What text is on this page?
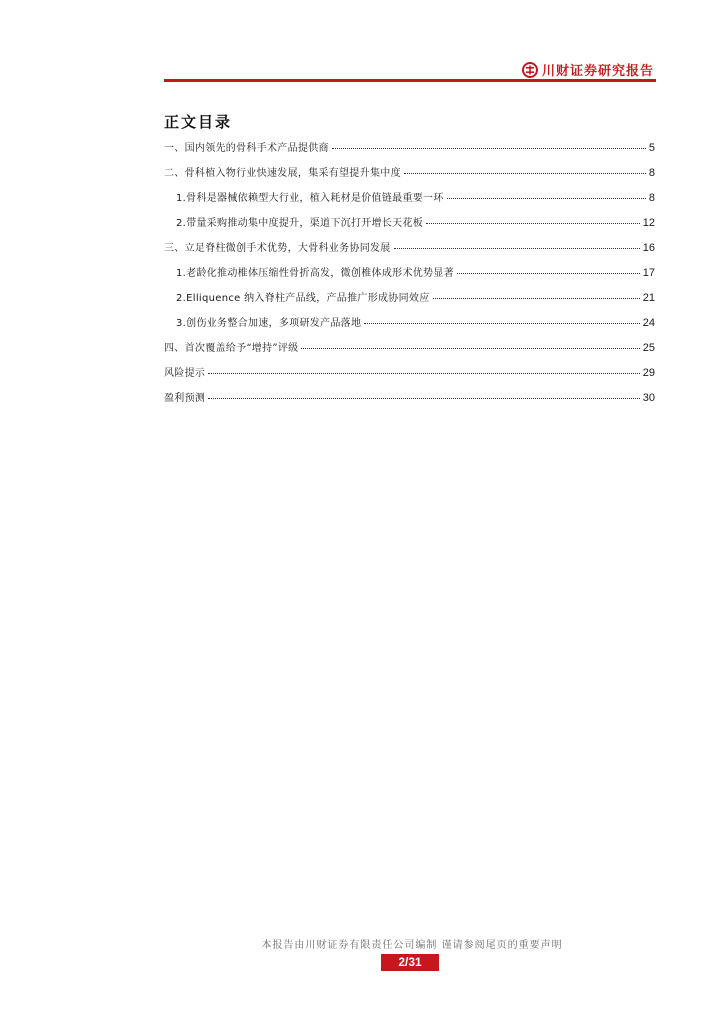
川财证券研究报告
正文目录
一、国内领先的骨科手术产品提供商	5
二、骨科植入物行业快速发展，集采有望提升集中度	8
1.骨科是器械依赖型大行业，植入耗材是价值链最重要一环	8
2.带量采购推动集中度提升，渠道下沉打开增长天花板	12
三、立足脊柱微创手术优势，大骨科业务协同发展	16
1.老龄化推动椎体压缩性骨折高发，微创椎体成形术优势显著	17
2.Elliquence 纳入脊柱产品线，产品推广形成协同效应	21
3.创伤业务整合加速，多项研发产品落地	24
四、首次覆盖给予“增持”评级	25
风险提示	29
盈利预测	30
本报告由川财证券有限责任公司编制 谨请参阅尾页的重要声明
2/31
